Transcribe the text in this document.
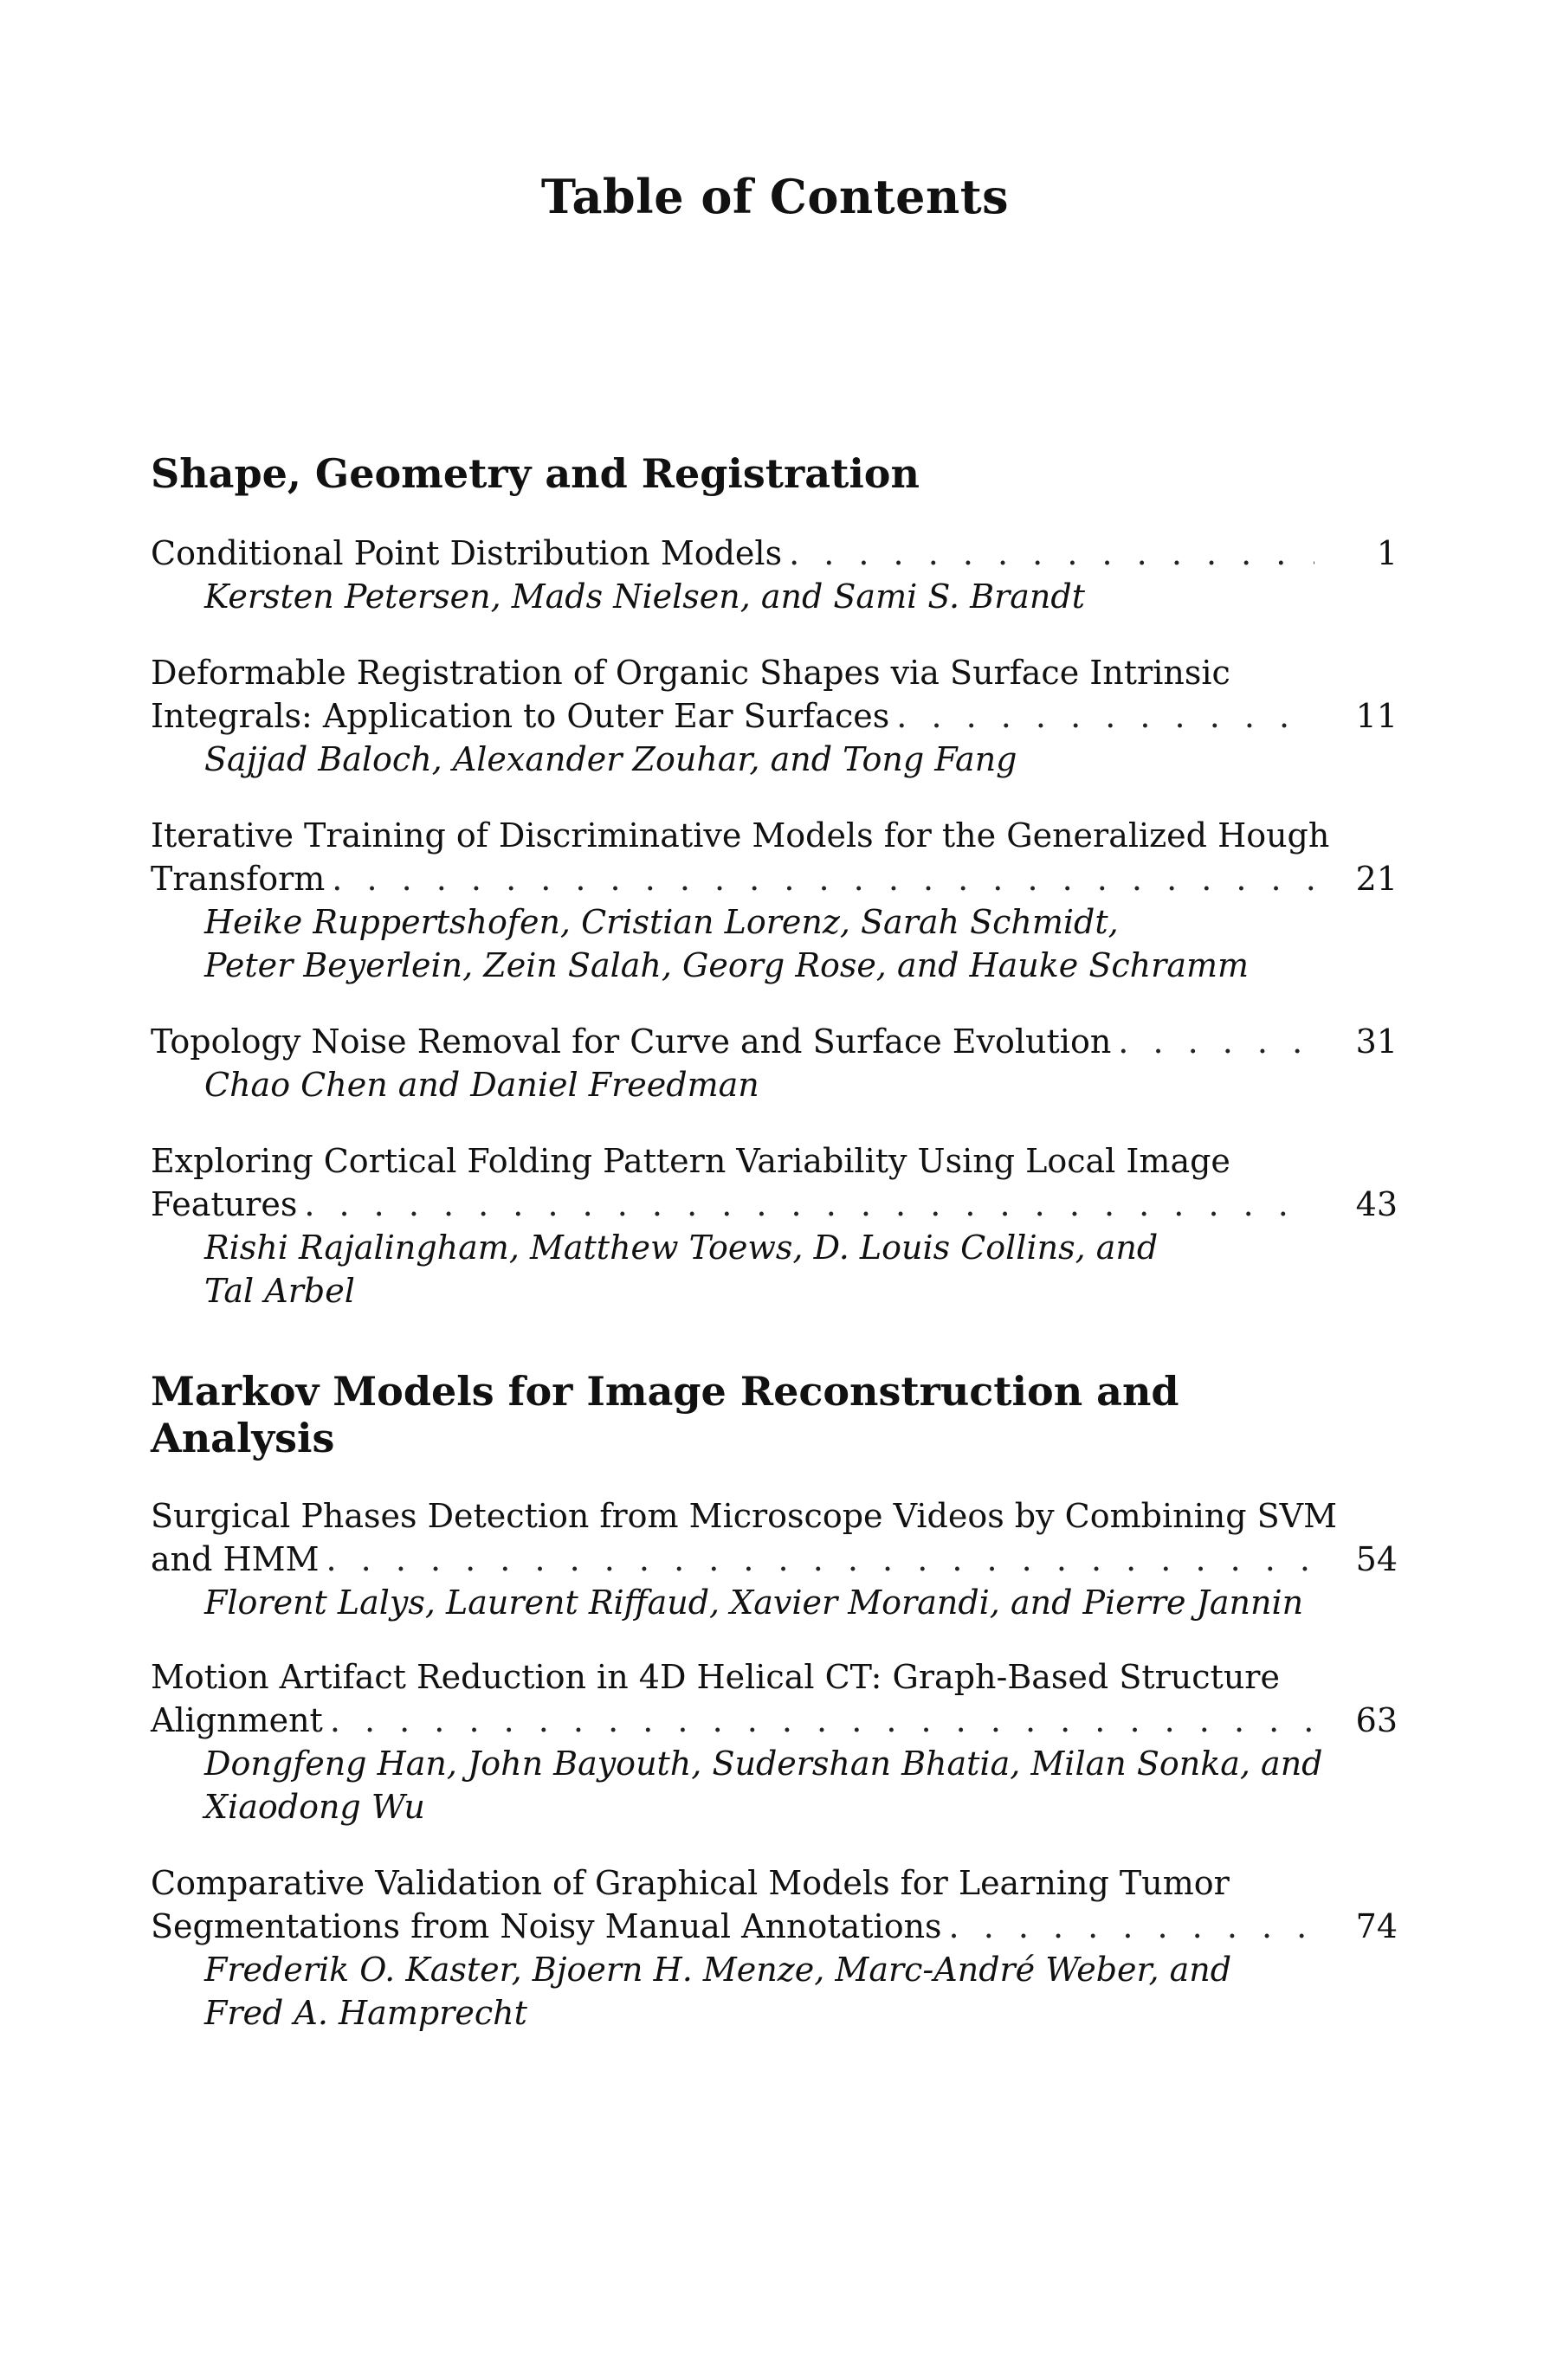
Table of Contents
Shape, Geometry and Registration
Conditional Point Distribution Models . . .	1
Kersten Petersen, Mads Nielsen, and Sami S. Brandt
Deformable Registration of Organic Shapes via Surface Intrinsic
Integrals: Application to Outer Ear Surfaces . . .	11
Sajjad Baloch, Alexander Zouhar, and Tong Fang
Iterative Training of Discriminative Models for the Generalized Hough
Transform . . .	21
Heike Ruppertshofen, Cristian Lorenz, Sarah Schmidt,
Peter Beyerlein, Zein Salah, Georg Rose, and Hauke Schramm
Topology Noise Removal for Curve and Surface Evolution . . .	31
Chao Chen and Daniel Freedman
Exploring Cortical Folding Pattern Variability Using Local Image
Features . . .	43
Rishi Rajalingham, Matthew Toews, D. Louis Collins, and
Tal Arbel
Markov Models for Image Reconstruction and
Analysis
Surgical Phases Detection from Microscope Videos by Combining SVM
and HMM . . .	54
Florent Lalys, Laurent Riffaud, Xavier Morandi, and Pierre Jannin
Motion Artifact Reduction in 4D Helical CT: Graph-Based Structure
Alignment . . .	63
Dongfeng Han, John Bayouth, Sudershan Bhatia, Milan Sonka, and
Xiaodong Wu
Comparative Validation of Graphical Models for Learning Tumor
Segmentations from Noisy Manual Annotations . . .	74
Frederik O. Kaster, Bjoern H. Menze, Marc-André Weber, and
Fred A. Hamprecht
